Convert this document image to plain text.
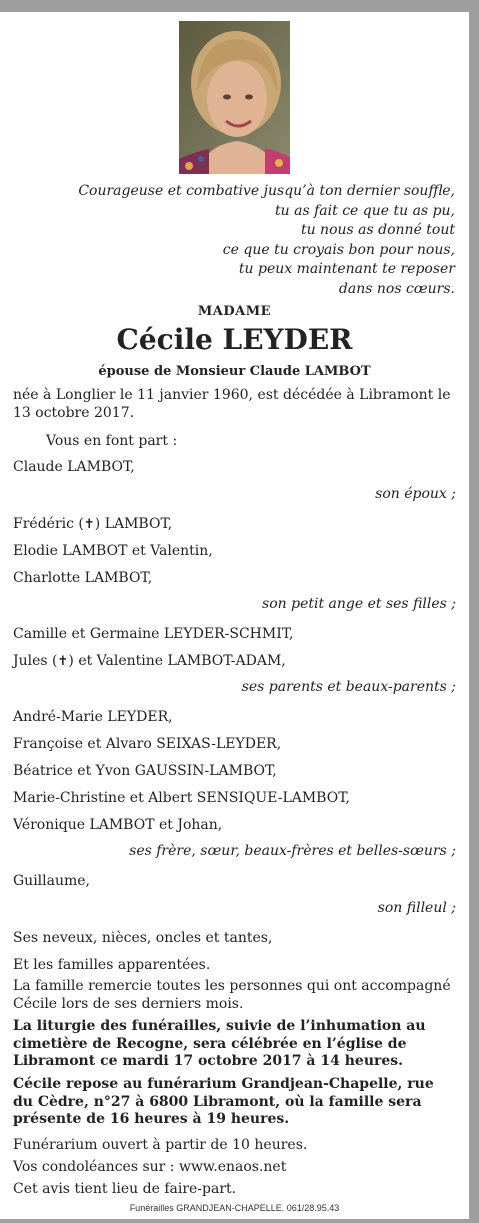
Courageuse et combative jusqu’à ton dernier souffle,
tu as fait ce que tu as pu,
tu nous as donné tout
ce que tu croyais bon pour nous,
tu peux maintenant te reposer
dans nos cœurs.
MADAME
Cécile LEYDER
épouse de Monsieur Claude LAMBOT
née à Longlier le 11 janvier 1960, est décédée à Libramont le 13 octobre 2017.
Vous en font part :
Claude LAMBOT,
son époux ;
Frédéric (✝) LAMBOT,
Elodie LAMBOT et Valentin,
Charlotte LAMBOT,
son petit ange et ses filles ;
Camille et Germaine LEYDER-SCHMIT,
Jules (✝) et Valentine LAMBOT-ADAM,
ses parents et beaux-parents ;
André-Marie LEYDER,
Françoise et Alvaro SEIXAS-LEYDER,
Béatrice et Yvon GAUSSIN-LAMBOT,
Marie-Christine et Albert SENSIQUE-LAMBOT,
Véronique LAMBOT et Johan,
ses frère, sœur, beaux-frères et belles-sœurs ;
Guillaume,
son filleul ;
Ses neveux, nièces, oncles et tantes,
Et les familles apparentées.
La famille remercie toutes les personnes qui ont accompagné Cécile lors de ses derniers mois.
La liturgie des funérailles, suivie de l’inhumation au cimetière de Recogne, sera célébrée en l’église de Libramont ce mardi 17 octobre 2017 à 14 heures.
Cécile repose au funérarium Grandjean-Chapelle, rue du Cèdre, n°27 à 6800 Libramont, où la famille sera présente de 16 heures à 19 heures.
Funérarium ouvert à partir de 10 heures.
Vos condoléances sur : www.enaos.net
Cet avis tient lieu de faire-part.
Funérailles GRANDJEAN-CHAPELLE. 061/28.95.43
